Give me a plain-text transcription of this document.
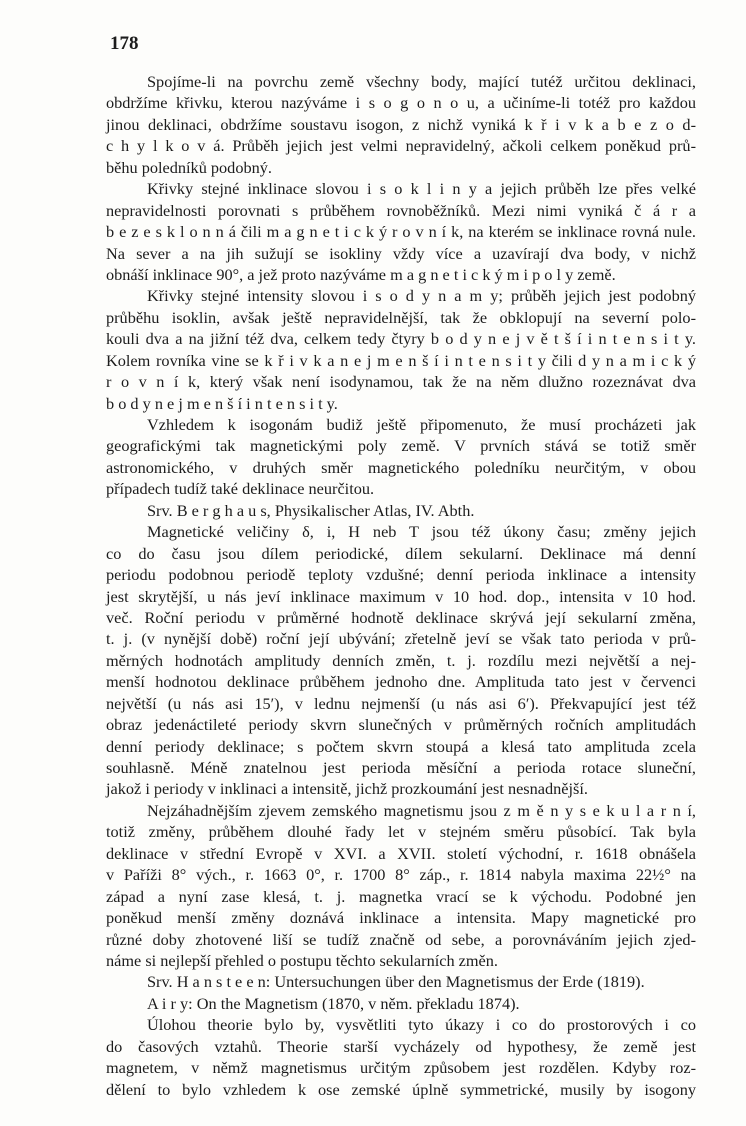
178
Spojíme-li na povrchu země všechny body, mající tutéž určitou deklinaci,
obdržíme křivku, kterou nazýváme i s o g o n o u, a učiníme-li totéž pro každou
jinou deklinaci, obdržíme soustavu isogon, z nichž vyniká k ř i v k a b e z o d-
c h y l k o v á. Průběh jejich jest velmi nepravidelný, ačkoli celkem poněkud prů-
běhu poledníků podobný.
Křivky stejné inklinace slovou i s o k l i n y a jejich průběh lze přes velké
nepravidelnosti porovnati s průběhem rovnoběžníků. Mezi nimi vyniká č á r a
b e z e s k l o n n á čili m a g n e t i c k ý r o v n í k, na kterém se inklinace rovná nule.
Na sever a na jih sužují se isokliny vždy více a uzavírají dva body, v nichž
obnáší inklinace 90°, a jež proto nazýváme m a g n e t i c k ý m i p o l y země.
Křivky stejné intensity slovou i s o d y n a m y; průběh jejich jest podobný
průběhu isoklin, avšak ještě nepravidelnější, tak že obklopují na severní polo-
kouli dva a na jižní též dva, celkem tedy čtyry b o d y n e j v ě t š í i n t e n s i t y.
Kolem rovníka vine se k ř i v k a n e j m e n š í i n t e n s i t y čili d y n a m i c k ý
r o v n í k, který však není isodynamou, tak že na něm dlužno rozeznávat dva
b o d y n e j m e n š í i n t e n s i t y.
Vzhledem k isogonám budiž ještě připomenuto, že musí procházeti jak
geografickými tak magnetickými poly země. V prvních stává se totiž směr
astronomického, v druhých směr magnetického poledníku neurčitým, v obou
případech tudíž také deklinace neurčitou.
Srv. B e r g h a u s, Physikalischer Atlas, IV. Abth.
Magnetické veličiny δ, i, H neb T jsou též úkony času; změny jejich
co do času jsou dílem periodické, dílem sekularní. Deklinace má denní
periodu podobnou periodě teploty vzdušné; denní perioda inklinace a intensity
jest skrytější, u nás jeví inklinace maximum v 10 hod. dop., intensita v 10 hod.
več. Roční periodu v průměrné hodnotě deklinace skrývá její sekularní změna,
t. j. (v nynější době) roční její ubývání; zřetelně jeví se však tato perioda v prů-
měrných hodnotách amplitudy denních změn, t. j. rozdílu mezi největší a nej-
menší hodnotou deklinace průběhem jednoho dne. Amplituda tato jest v červenci
největší (u nás asi 15′), v lednu nejmenší (u nás asi 6′). Překvapující jest též
obraz jedenáctileté periody skvrn slunečných v průměrných ročních amplitudách
denní periody deklinace; s počtem skvrn stoupá a klesá tato amplituda zcela
souhlasně. Méně znatelnou jest perioda měsíční a perioda rotace sluneční,
jakož i periody v inklinaci a intensitě, jichž prozkoumání jest nesnadnější.
Nejzáhadnějším zjevem zemského magnetismu jsou z m ě n y s e k u l a r n í,
totiž změny, průběhem dlouhé řady let v stejném směru působící. Tak byla
deklinace v střední Evropě v XVI. a XVII. století východní, r. 1618 obnášela
v Paříži 8° vých., r. 1663 0°, r. 1700 8° záp., r. 1814 nabyla maxima 22½° na
západ a nyní zase klesá, t. j. magnetka vrací se k východu. Podobné jen
poněkud menší změny doznává inklinace a intensita. Mapy magnetické pro
různé doby zhotovené liší se tudíž značně od sebe, a porovnáváním jejich zjed-
náme si nejlepší přehled o postupu těchto sekularních změn.
Srv. H a n s t e e n: Untersuchungen über den Magnetismus der Erde (1819).
A i r y: On the Magnetism (1870, v něm. překladu 1874).
Úlohou theorie bylo by, vysvětliti tyto úkazy i co do prostorových i co
do časových vztahů. Theorie starší vycházely od hypothesy, že země jest
magnetem, v němž magnetismus určitým způsobem jest rozdělen. Kdyby roz-
dělení to bylo vzhledem k ose zemské úplně symmetrické, musily by isogony
